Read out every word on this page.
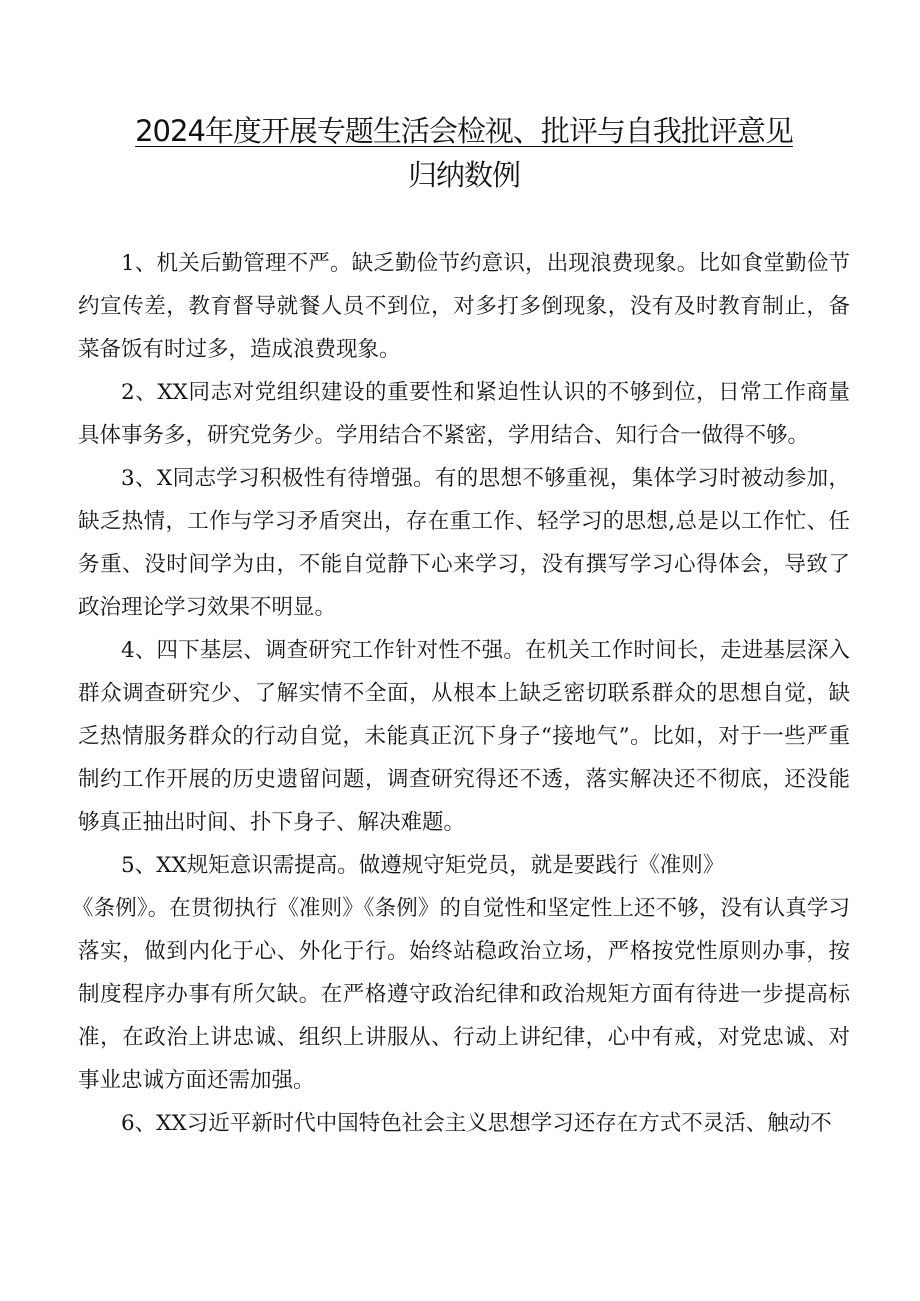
2024年度开展专题生活会检视、批评与自我批评意见
归纳数例

1、机关后勤管理不严。缺乏勤俭节约意识，出现浪费现象。比如食堂勤俭节约宣传差，教育督导就餐人员不到位，对多打多倒现象，没有及时教育制止，备菜备饭有时过多，造成浪费现象。

2、XX同志对党组织建设的重要性和紧迫性认识的不够到位，日常工作商量具体事务多，研究党务少。学用结合不紧密，学用结合、知行合一做得不够。

3、X同志学习积极性有待增强。有的思想不够重视，集体学习时被动参加，缺乏热情，工作与学习矛盾突出，存在重工作、轻学习的思想,总是以工作忙、任务重、没时间学为由，不能自觉静下心来学习，没有撰写学习心得体会，导致了政治理论学习效果不明显。

4、四下基层、调查研究工作针对性不强。在机关工作时间长，走进基层深入群众调查研究少、了解实情不全面，从根本上缺乏密切联系群众的思想自觉，缺乏热情服务群众的行动自觉，未能真正沉下身子“接地气”。比如，对于一些严重制约工作开展的历史遗留问题，调查研究得还不透，落实解决还不彻底，还没能够真正抽出时间、扑下身子、解决难题。

5、XX规矩意识需提高。做遵规守矩党员，就是要践行《准则》

《条例》。在贯彻执行《准则》《条例》的自觉性和坚定性上还不够，没有认真学习落实，做到内化于心、外化于行。始终站稳政治立场，严格按党性原则办事，按制度程序办事有所欠缺。在严格遵守政治纪律和政治规矩方面有待进一步提高标准，在政治上讲忠诚、组织上讲服从、行动上讲纪律，心中有戒，对党忠诚、对事业忠诚方面还需加强。

6、XX习近平新时代中国特色社会主义思想学习还存在方式不灵活、触动不
